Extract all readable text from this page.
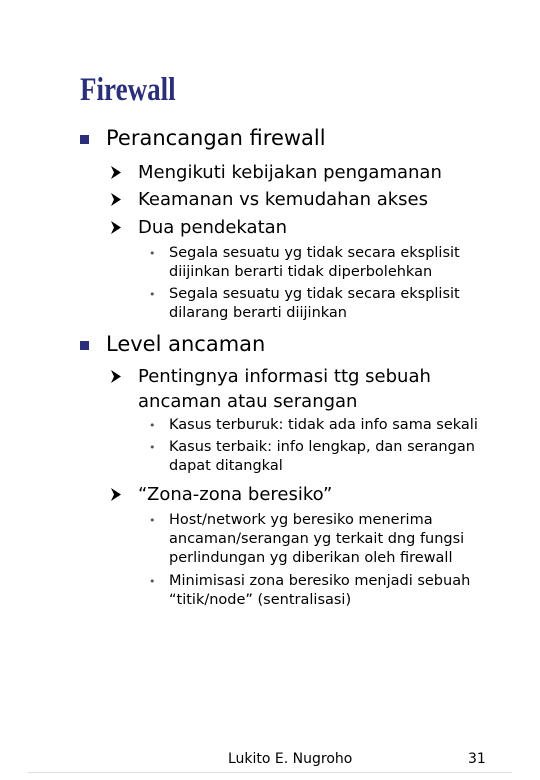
Firewall
Perancangan firewall
Mengikuti kebijakan pengamanan
Keamanan vs kemudahan akses
Dua pendekatan
• Segala sesuatu yg tidak secara eksplisit
diijinkan berarti tidak diperbolehkan
• Segala sesuatu yg tidak secara eksplisit
dilarang berarti diijinkan
Level ancaman
Pentingnya informasi ttg sebuah
ancaman atau serangan
• Kasus terburuk: tidak ada info sama sekali
• Kasus terbaik: info lengkap, dan serangan
dapat ditangkal
“Zona-zona beresiko”
• Host/network yg beresiko menerima
ancaman/serangan yg terkait dng fungsi
perlindungan yg diberikan oleh firewall
• Minimisasi zona beresiko menjadi sebuah
“titik/node” (sentralisasi)
Lukito E. Nugroho	31
